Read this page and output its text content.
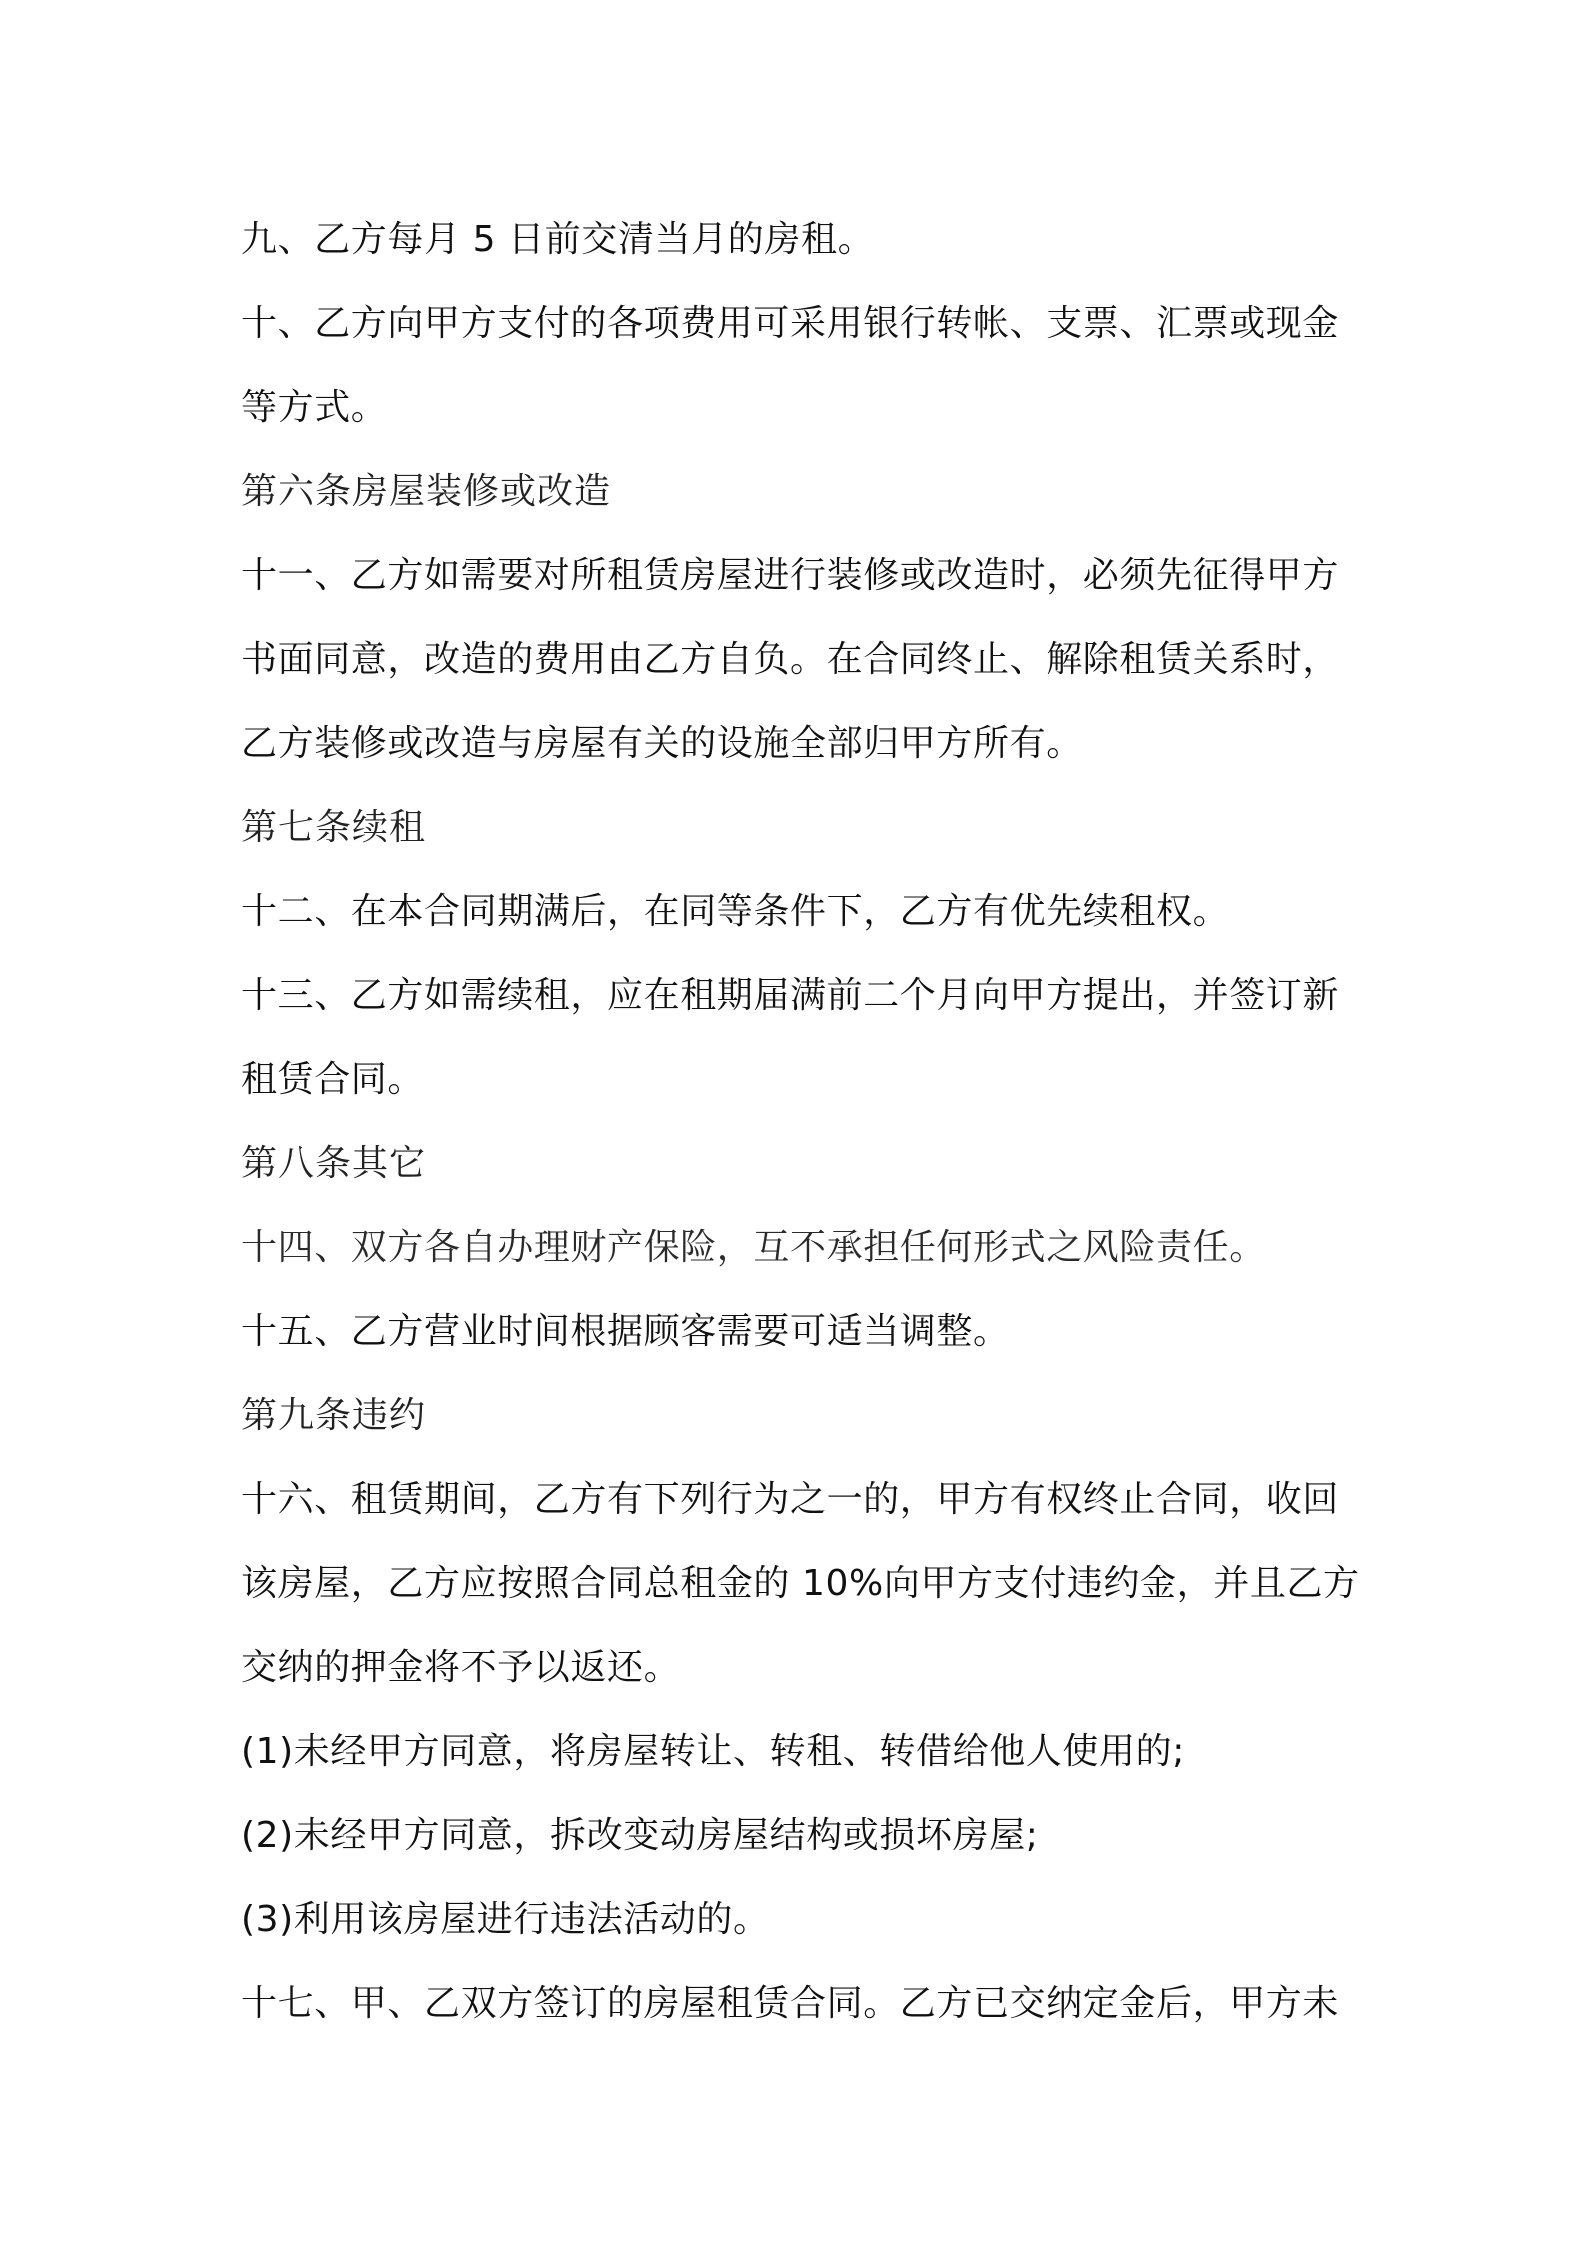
九、乙方每月 5 日前交清当月的房租。

十、乙方向甲方支付的各项费用可采用银行转帐、支票、汇票或现金等方式。

第六条房屋装修或改造

十一、乙方如需要对所租赁房屋进行装修或改造时，必须先征得甲方书面同意，改造的费用由乙方自负。在合同终止、解除租赁关系时，乙方装修或改造与房屋有关的设施全部归甲方所有。

第七条续租

十二、在本合同期满后，在同等条件下，乙方有优先续租权。

十三、乙方如需续租，应在租期届满前二个月向甲方提出，并签订新租赁合同。

第八条其它

十四、双方各自办理财产保险，互不承担任何形式之风险责任。

十五、乙方营业时间根据顾客需要可适当调整。

第九条违约

十六、租赁期间，乙方有下列行为之一的，甲方有权终止合同，收回该房屋，乙方应按照合同总租金的 10%向甲方支付违约金，并且乙方交纳的押金将不予以返还。

(1)未经甲方同意，将房屋转让、转租、转借给他人使用的;

(2)未经甲方同意，拆改变动房屋结构或损坏房屋;

(3)利用该房屋进行违法活动的。

十七、甲、乙双方签订的房屋租赁合同。乙方已交纳定金后，甲方未
